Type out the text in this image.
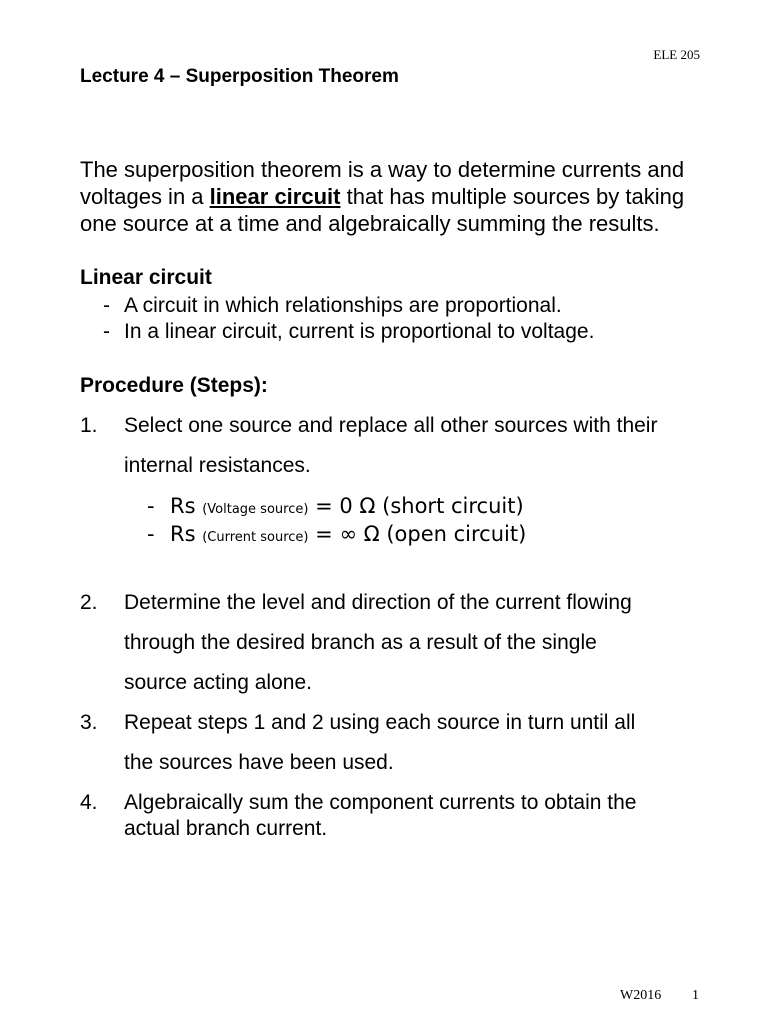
ELE 205
Lecture 4 – Superposition Theorem
The superposition theorem is a way to determine currents and
voltages in a linear circuit that has multiple sources by taking
one source at a time and algebraically summing the results.
Linear circuit
- A circuit in which relationships are proportional.
- In a linear circuit, current is proportional to voltage.
Procedure (Steps):
1. Select one source and replace all other sources with their
internal resistances.
- Rs (Voltage source) = 0 Ω (short circuit)
- Rs (Current source) = ∞ Ω (open circuit)
2. Determine the level and direction of the current flowing
through the desired branch as a result of the single
source acting alone.
3. Repeat steps 1 and 2 using each source in turn until all
the sources have been used.
4. Algebraically sum the component currents to obtain the
actual branch current.
W2016 1
